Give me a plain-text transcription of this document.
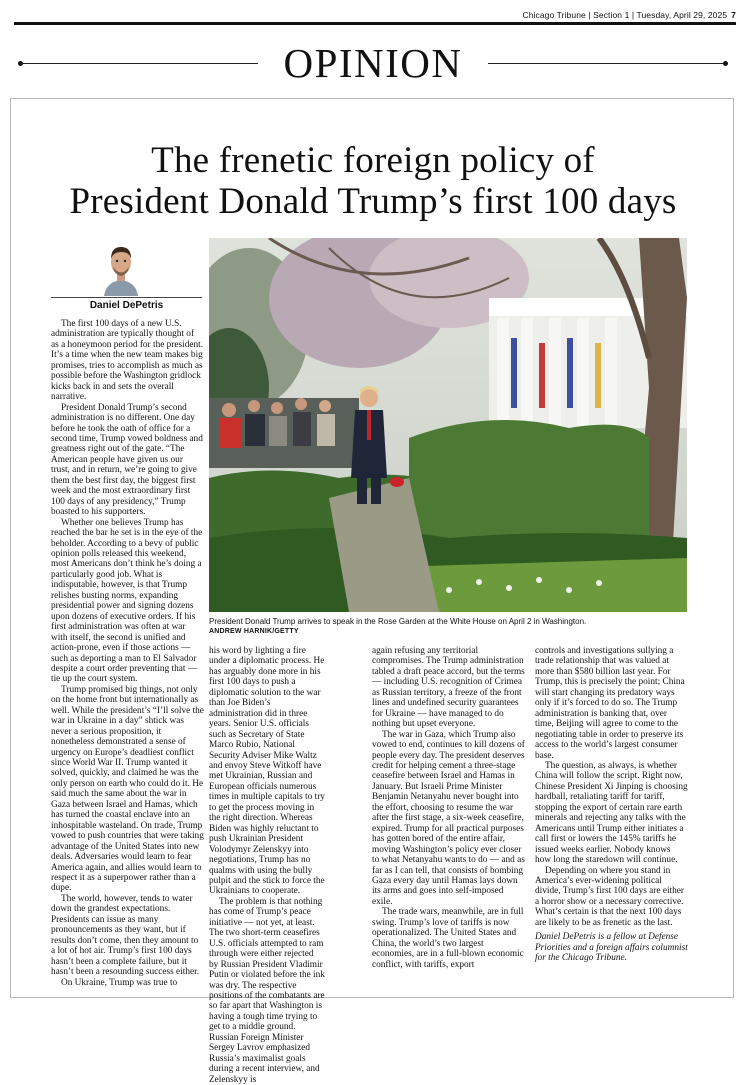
Chicago Tribune | Section 1 | Tuesday, April 29, 2025 7
OPINION
The frenetic foreign policy of
President Donald Trump’s first 100 days
Daniel DePetris
President Donald Trump arrives to speak in the Rose Garden at the White House on April 2 in Washington.
ANDREW HARNIK/GETTY

The first 100 days of a new U.S. administration are typically thought of as a honeymoon period for the president. It’s a time when the new team makes big promises, tries to accomplish as much as possible before the Washington gridlock kicks back in and sets the overall narrative.

President Donald Trump’s second administration is no different. One day before he took the oath of office for a second time, Trump vowed boldness and greatness right out of the gate. “The American people have given us our trust, and in return, we’re going to give them the best first day, the biggest first week and the most extraordinary first 100 days of any presidency,” Trump boasted to his supporters.

Whether one believes Trump has reached the bar he set is in the eye of the beholder. According to a bevy of public opinion polls released this weekend, most Americans don’t think he’s doing a particularly good job. What is indisputable, however, is that Trump relishes busting norms, expanding presidential power and signing dozens upon dozens of executive orders. If his first administration was often at war with itself, the second is unified and action-prone, even if those actions — such as deporting a man to El Salvador despite a court order preventing that — tie up the court system.

Trump promised big things, not only on the home front but internationally as well. While the president’s “I’ll solve the war in Ukraine in a day” shtick was never a serious proposition, it nonetheless demonstrated a sense of urgency on Europe’s deadliest conflict since World War II. Trump wanted it solved, quickly, and claimed he was the only person on earth who could do it. He said much the same about the war in Gaza between Israel and Hamas, which has turned the coastal enclave into an inhospitable wasteland. On trade, Trump vowed to push countries that were taking advantage of the United States into new deals. Adversaries would learn to fear America again, and allies would learn to respect it as a superpower rather than a dupe.

The world, however, tends to water down the grandest expectations. Presidents can issue as many pronouncements as they want, but if results don’t come, then they amount to a lot of hot air. Trump’s first 100 days hasn’t been a complete failure, but it hasn’t been a resounding success either.

On Ukraine, Trump was true to

his word by lighting a fire under a diplomatic process. He has arguably done more in his first 100 days to push a diplomatic solution to the war than Joe Biden’s administration did in three years. Senior U.S. officials such as Secretary of State Marco Rubio, National Security Adviser Mike Waltz and envoy Steve Witkoff have met Ukrainian, Russian and European officials numerous times in multiple capitals to try to get the process moving in the right direction. Whereas Biden was highly reluctant to push Ukrainian President Volodymyr Zelenskyy into negotiations, Trump has no qualms with using the bully pulpit and the stick to force the Ukrainians to cooperate.

The problem is that nothing has come of Trump’s peace initiative — not yet, at least. The two short-term ceasefires U.S. officials attempted to ram through were either rejected by Russian President Vladimir Putin or violated before the ink was dry. The respective positions of the combatants are so far apart that Washington is having a tough time trying to get to a middle ground. Russian Foreign Minister Sergey Lavrov emphasized Russia’s maximalist goals during a recent interview, and Zelenskyy is

again refusing any territorial compromises. The Trump administration tabled a draft peace accord, but the terms — including U.S. recognition of Crimea as Russian territory, a freeze of the front lines and undefined security guarantees for Ukraine — have managed to do nothing but upset everyone.

The war in Gaza, which Trump also vowed to end, continues to kill dozens of people every day. The president deserves credit for helping cement a three-stage ceasefire between Israel and Hamas in January. But Israeli Prime Minister Benjamin Netanyahu never bought into the effort, choosing to resume the war after the first stage, a six-week ceasefire, expired. Trump for all practical purposes has gotten bored of the entire affair, moving Washington’s policy ever closer to what Netanyahu wants to do — and as far as I can tell, that consists of bombing Gaza every day until Hamas lays down its arms and goes into self-imposed exile.

The trade wars, meanwhile, are in full swing. Trump’s love of tariffs is now operationalized. The United States and China, the world’s two largest economies, are in a full-blown economic conflict, with tariffs, export

controls and investigations sullying a trade relationship that was valued at more than $580 billion last year. For Trump, this is precisely the point; China will start changing its predatory ways only if it’s forced to do so. The Trump administration is banking that, over time, Beijing will agree to come to the negotiating table in order to preserve its access to the world’s largest consumer base.

The question, as always, is whether China will follow the script. Right now, Chinese President Xi Jinping is choosing hardball, retaliating tariff for tariff, stopping the export of certain rare earth minerals and rejecting any talks with the Americans until Trump either initiates a call first or lowers the 145% tariffs he issued weeks earlier. Nobody knows how long the staredown will continue.

Depending on where you stand in America’s ever-widening political divide, Trump’s first 100 days are either a horror show or a necessary corrective. What’s certain is that the next 100 days are likely to be as frenetic as the last.

Daniel DePetris is a fellow at Defense Priorities and a foreign affairs columnist for the Chicago Tribune.
